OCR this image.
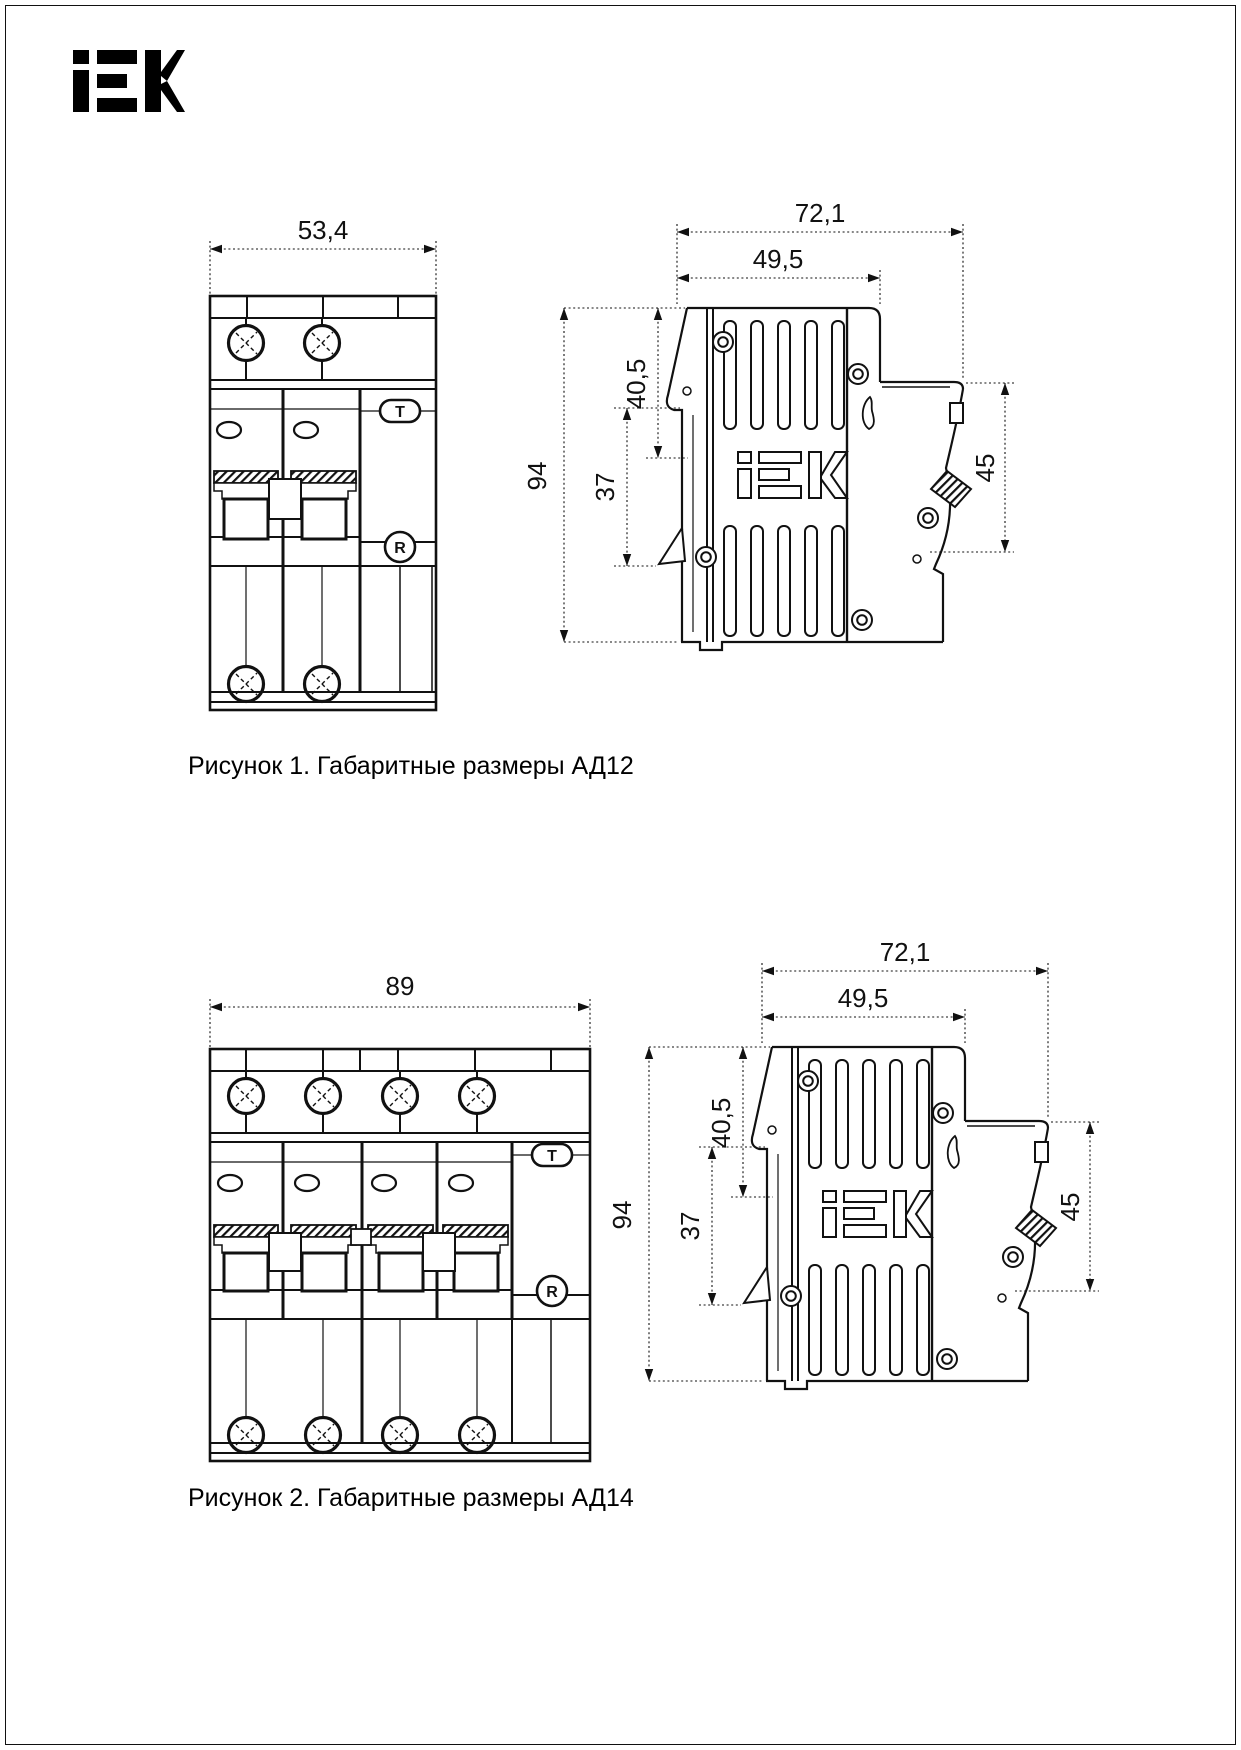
53,4
T
R
72,1
49,5
94
40,5
37
45
Рисунок 1. Габаритные размеры АД12
89
T
R
72,1
49,5
94
40,5
37
45
Рисунок 2. Габаритные размеры АД14
